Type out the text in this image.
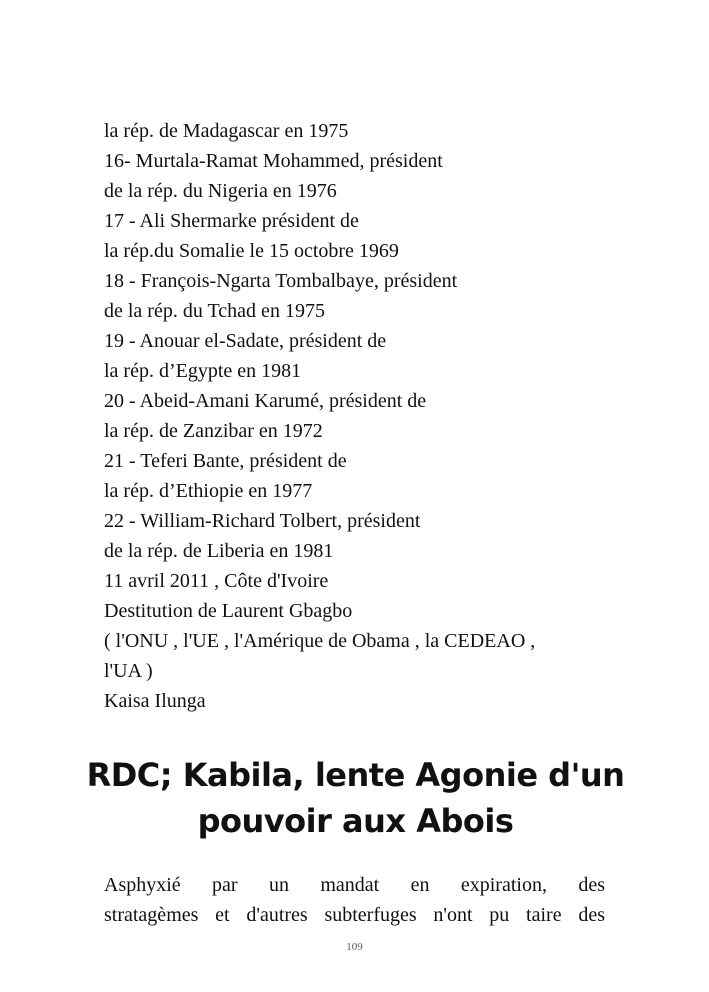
la rép. de Madagascar en 1975
16- Murtala-Ramat Mohammed, président
de la rép. du Nigeria en 1976
17 - Ali Shermarke président de
la rép.du Somalie le 15 octobre 1969
18 - François-Ngarta Tombalbaye, président
de la rép. du Tchad en 1975
19 - Anouar el-Sadate, président de
la rép. d’Egypte en 1981
20 - Abeid-Amani Karumé, président de
la rép. de Zanzibar en 1972
21 - Teferi Bante, président de
la rép. d’Ethiopie en 1977
22 - William-Richard Tolbert, président
de la rép. de Liberia en 1981
11 avril 2011 , Côte d'Ivoire
Destitution de Laurent Gbagbo
( l'ONU , l'UE , l'Amérique de Obama , la CEDEAO ,
l'UA )
Kaisa Ilunga
RDC; Kabila, lente Agonie d'un
pouvoir aux Abois
Asphyxié par un mandat en expiration, des
stratagèmes et d'autres subterfuges n'ont pu taire des
109
